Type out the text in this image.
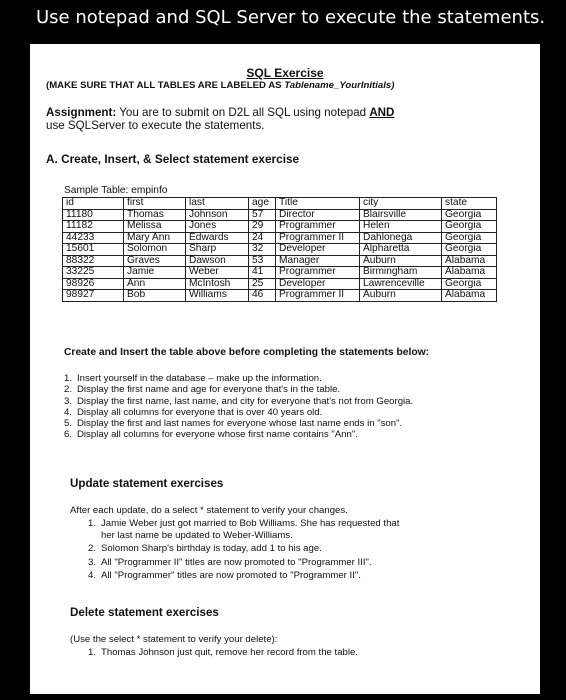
Use notepad and SQL Server to execute the statements.
SQL Exercise
(MAKE SURE THAT ALL TABLES ARE LABELED AS Tablename_YourInitials)
Assignment: You are to submit on D2L all SQL using notepad AND
use SQLServer to execute the statements.
A. Create, Insert, & Select statement exercise
Sample Table: empinfo
id	first	last	age	Title	city	state
11180	Thomas	Johnson	57	Director	Blairsville	Georgia
11182	Melissa	Jones	29	Programmer	Helen	Georgia
44233	Mary Ann	Edwards	24	Programmer II	Dahlonega	Georgia
15601	Solomon	Sharp	32	Developer	Alpharetta	Georgia
88322	Graves	Dawson	53	Manager	Auburn	Alabama
33225	Jamie	Weber	41	Programmer	Birmingham	Alabama
98926	Ann	McIntosh	25	Developer	Lawrenceville	Georgia
98927	Bob	Williams	46	Programmer II	Auburn	Alabama
Create and Insert the table above before completing the statements below:
1. Insert yourself in the database – make up the information.
2. Display the first name and age for everyone that's in the table.
3. Display the first name, last name, and city for everyone that's not from Georgia.
4. Display all columns for everyone that is over 40 years old.
5. Display the first and last names for everyone whose last name ends in "son".
6. Display all columns for everyone whose first name contains "Ann".
Update statement exercises
After each update, do a select * statement to verify your changes.
1. Jamie Weber just got married to Bob Williams. She has requested that
her last name be updated to Weber-Williams.
2. Solomon Sharp's birthday is today, add 1 to his age.
3. All "Programmer II" titles are now promoted to "Programmer III".
4. All "Programmer" titles are now promoted to "Programmer II".
Delete statement exercises
(Use the select * statement to verify your delete):
1. Thomas Johnson just quit, remove her record from the table.
